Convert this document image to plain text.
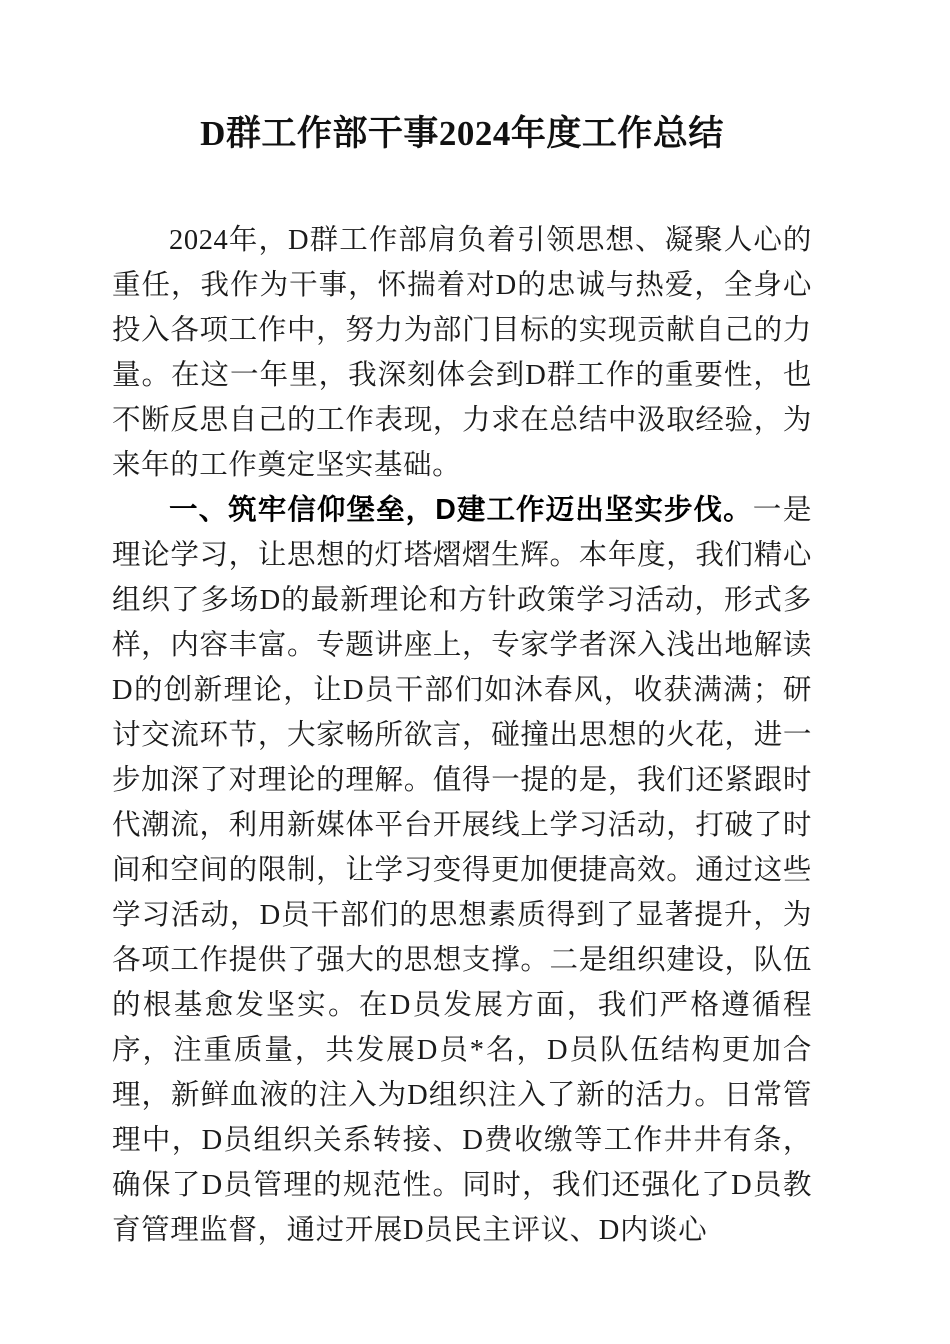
D群工作部干事2024年度工作总结

2024年，D群工作部肩负着引领思想、凝聚人心的重任，我作为干事，怀揣着对D的忠诚与热爱，全身心投入各项工作中，努力为部门目标的实现贡献自己的力量。在这一年里，我深刻体会到D群工作的重要性，也不断反思自己的工作表现，力求在总结中汲取经验，为来年的工作奠定坚实基础。

一、筑牢信仰堡垒，D建工作迈出坚实步伐。一是理论学习，让思想的灯塔熠熠生辉。本年度，我们精心组织了多场D的最新理论和方针政策学习活动，形式多样，内容丰富。专题讲座上，专家学者深入浅出地解读D的创新理论，让D员干部们如沐春风，收获满满；研讨交流环节，大家畅所欲言，碰撞出思想的火花，进一步加深了对理论的理解。值得一提的是，我们还紧跟时代潮流，利用新媒体平台开展线上学习活动，打破了时间和空间的限制，让学习变得更加便捷高效。通过这些学习活动，D员干部们的思想素质得到了显著提升，为各项工作提供了强大的思想支撑。二是组织建设，队伍的根基愈发坚实。在D员发展方面，我们严格遵循程序，注重质量，共发展D员*名，D员队伍结构更加合理，新鲜血液的注入为D组织注入了新的活力。日常管理中，D员组织关系转接、D费收缴等工作井井有条，确保了D员管理的规范性。同时，我们还强化了D员教育管理监督，通过开展D员民主评议、D内谈心
